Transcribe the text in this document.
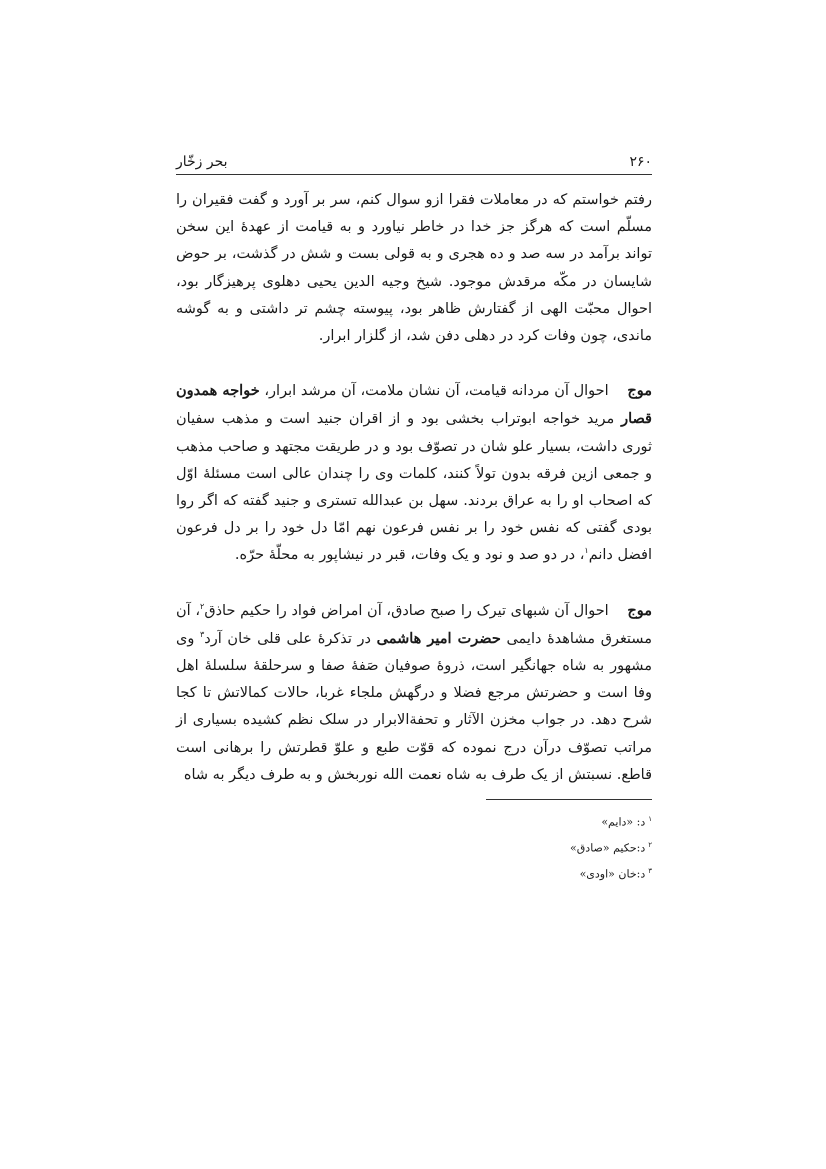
۲۶۰
بحر زخّار

رفتم خواستم که در معاملات فقرا ازو سوال کنم، سر بر آورد و گفت فقیران را مسلّم است که هرگز جز خدا در خاطر نیاورد و به قیامت از عهدهٔ این سخن تواند برآمد در سه صد و ده هجری و به قولی بست و شش در گذشت، بر حوض شایسان در مکّه مرقدش موجود. شیخ وجیه الدین یحیی دهلوی پرهیزگار بود، احوال محبّت الهی از گفتارش ظاهر بود، پیوسته چشم تر داشتی و به گوشه ماندی، چون وفات کرد در دهلی دفن شد، از گلزار ابرار.

موج احوال آن مردانه قیامت، آن نشان ملامت، آن مرشد ابرار، خواجه همدون قصار مرید خواجه ابوتراب بخشی بود و از اقران جنید است و مذهب سفیان ثوری داشت، بسیار علو شان در تصوّف بود و در طریقت مجتهد و صاحب مذهب و جمعی ازین فرقه بدون تولاً کنند، کلمات وی را چندان عالی است مسئلهٔ اوّل که اصحاب او را به عراق بردند. سهل بن عبدالله تستری و جنید گفته که اگر روا بودی گفتی که نفس خود را بر نفس فرعون نهم امّا دل خود را بر دل فرعون افضل دانم$^۱$، در دو صد و نود و یک وفات، قبر در نیشاپور به محلّهٔ حرّه.

موج احوال آن شبهای تیرک را صبح صادق، آن امراض فواد را حکیم حاذق$^۲$، آن مستغرق مشاهدهٔ دایمی حضرت امیر هاشمی در تذکرهٔ علی قلی خان آرد$^۳$ وی مشهور به شاه جهانگیر است، ذروهٔ صوفیان صَفهٔ صفا و سرحلقهٔ سلسلهٔ اهل وفا است و حضرتش مرجع فضلا و درگهش ملجاء غربا، حالات کمالاتش تا کجا شرح دهد. در جواب مخزن الآثار و تحفةالابرار در سلک نظم کشیده بسیاری از مراتب تصوّف درآن درج نموده که قوّت طبع و علوّ قطرتش را برهانی است قاطع. نسبتش از یک طرف به شاه نعمت الله نوربخش و به طرف دیگر به شاه

$^۱$د: «دایم»
$^۲$د:حکیم «صادق»
$^۳$د:خان «اودی»
